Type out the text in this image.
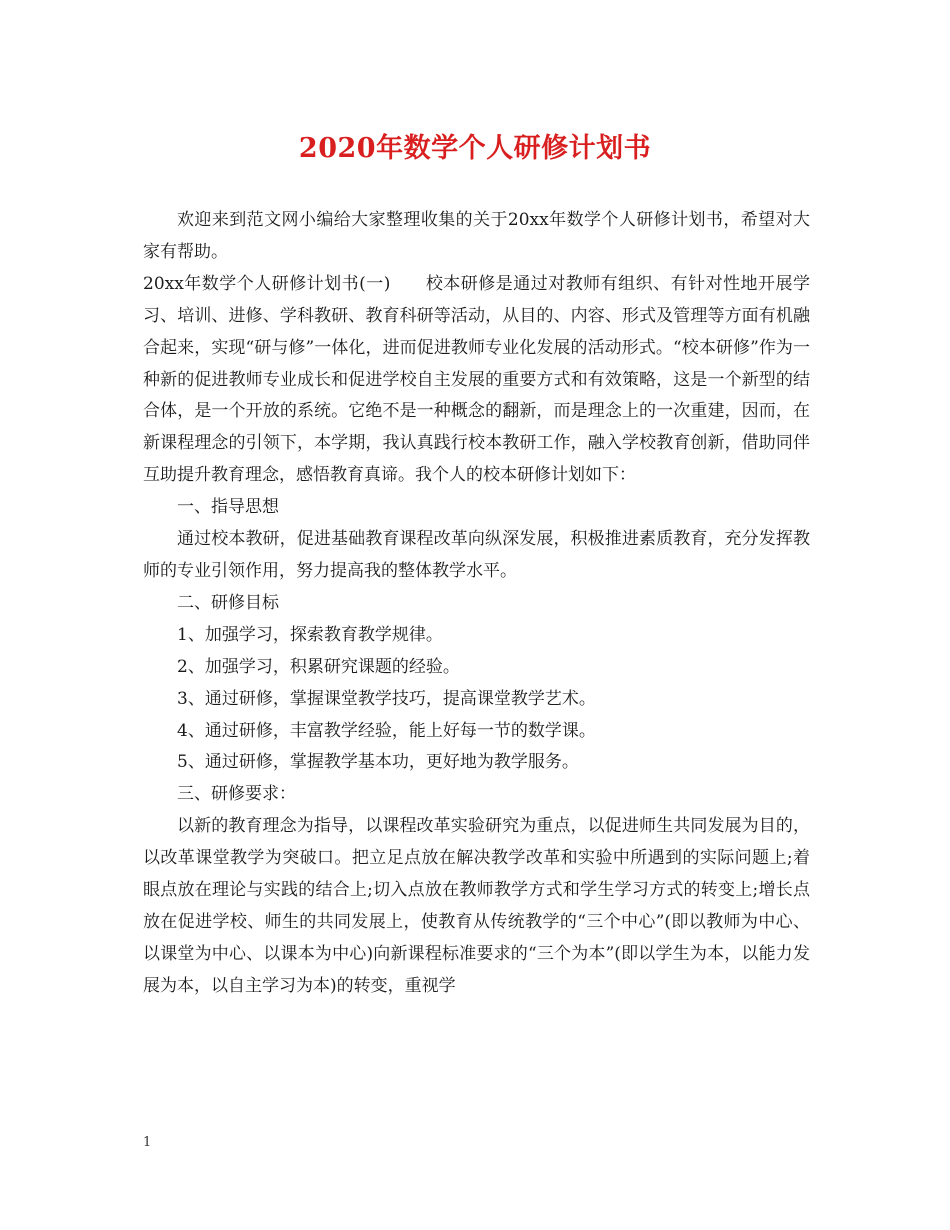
2020年数学个人研修计划书

欢迎来到范文网小编给大家整理收集的关于20xx年数学个人研修计划书，希望对大家有帮助。

20xx年数学个人研修计划书(一)　　校本研修是通过对教师有组织、有针对性地开展学习、培训、进修、学科教研、教育科研等活动，从目的、内容、形式及管理等方面有机融合起来，实现“研与修”一体化，进而促进教师专业化发展的活动形式。“校本研修”作为一种新的促进教师专业成长和促进学校自主发展的重要方式和有效策略，这是一个新型的结合体，是一个开放的系统。它绝不是一种概念的翻新，而是理念上的一次重建，因而，在新课程理念的引领下，本学期，我认真践行校本教研工作，融入学校教育创新，借助同伴互助提升教育理念，感悟教育真谛。我个人的校本研修计划如下：

一、指导思想

通过校本教研，促进基础教育课程改革向纵深发展，积极推进素质教育，充分发挥教师的专业引领作用，努力提高我的整体教学水平。

二、研修目标

1、加强学习，探索教育教学规律。

2、加强学习，积累研究课题的经验。

3、通过研修，掌握课堂教学技巧，提高课堂教学艺术。

4、通过研修，丰富教学经验，能上好每一节的数学课。

5、通过研修，掌握教学基本功，更好地为教学服务。

三、研修要求：

以新的教育理念为指导，以课程改革实验研究为重点，以促进师生共同发展为目的，以改革课堂教学为突破口。把立足点放在解决教学改革和实验中所遇到的实际问题上;着眼点放在理论与实践的结合上;切入点放在教师教学方式和学生学习方式的转变上;增长点放在促进学校、师生的共同发展上，使教育从传统教学的“三个中心”(即以教师为中心、以课堂为中心、以课本为中心)向新课程标准要求的“三个为本”(即以学生为本，以能力发展为本，以自主学习为本)的转变，重视学

1
